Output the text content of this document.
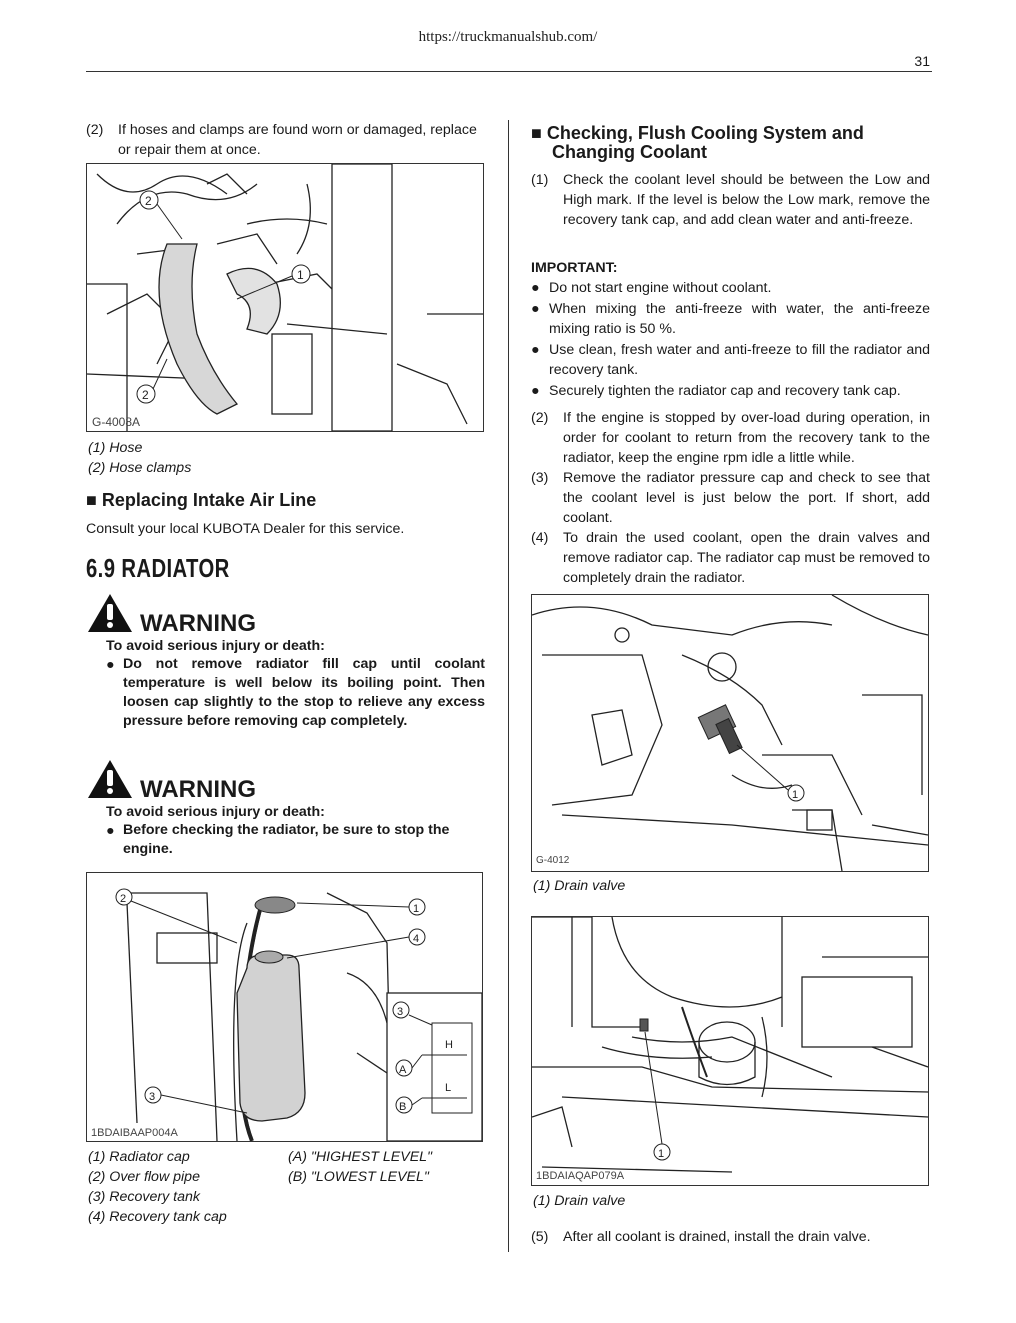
https://truckmanualshub.com/
31
(2) If hoses and clamps are found worn or damaged, replace or repair them at once.
2
1
2
G-4008A
(1) Hose
(2) Hose clamps
■ Replacing Intake Air Line
Consult your local KUBOTA Dealer for this service.
6.9 RADIATOR
WARNING
To avoid serious injury or death:
● Do not remove radiator fill cap until coolant temperature is well below its boiling point. Then loosen cap slightly to the stop to relieve any excess pressure before removing cap completely.
WARNING
To avoid serious injury or death:
● Before checking the radiator, be sure to stop the engine.
2
1
4
3
3
A
B
H
L
1BDAIBAAP004A
(1) Radiator cap
(2) Over flow pipe
(3) Recovery tank
(4) Recovery tank cap
(A) "HIGHEST LEVEL"
(B) "LOWEST LEVEL"
■ Checking, Flush Cooling System and
Changing Coolant
(1) Check the coolant level should be between the Low and High mark. If the level is below the Low mark, remove the recovery tank cap, and add clean water and anti-freeze.
IMPORTANT:
● Do not start engine without coolant.
● When mixing the anti-freeze with water, the anti-freeze mixing ratio is 50 %.
● Use clean, fresh water and anti-freeze to fill the radiator and recovery tank.
● Securely tighten the radiator cap and recovery tank cap.
(2) If the engine is stopped by over-load during operation, in order for coolant to return from the recovery tank to the radiator, keep the engine rpm idle a little while.
(3) Remove the radiator pressure cap and check to see that the coolant level is just below the port. If short, add coolant.
(4) To drain the used coolant, open the drain valves and remove radiator cap. The radiator cap must be removed to completely drain the radiator.
1
G-4012
(1) Drain valve
1
1BDAIAQAP079A
(1) Drain valve
(5) After all coolant is drained, install the drain valve.
